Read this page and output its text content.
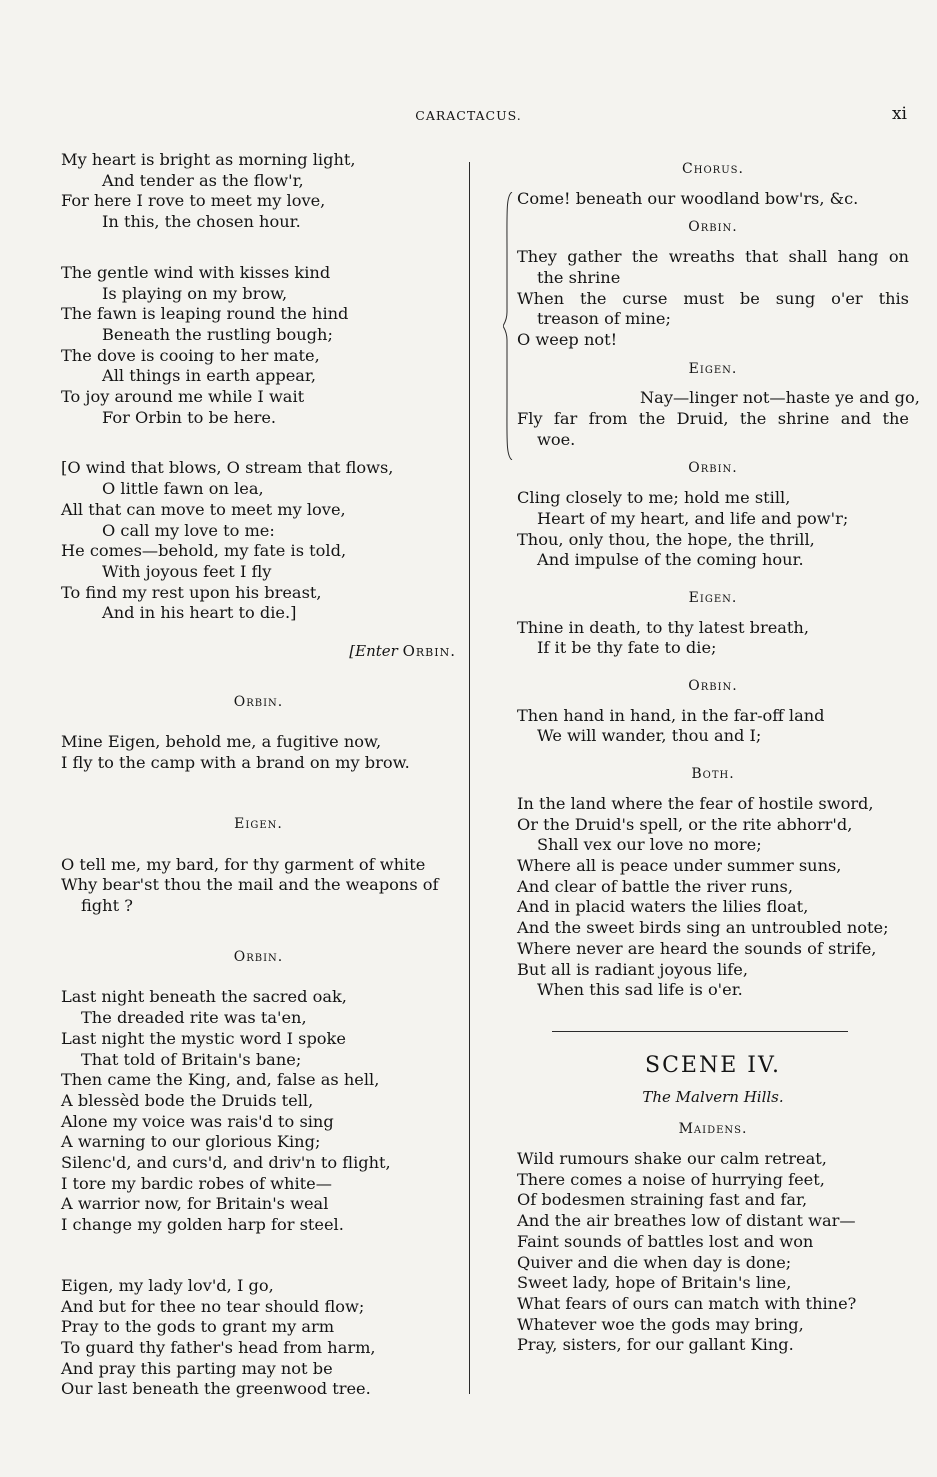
CARACTACUS.	xi
My heart is bright as morning light,
And tender as the flow'r,
For here I rove to meet my love,
In this, the chosen hour.
The gentle wind with kisses kind
Is playing on my brow,
The fawn is leaping round the hind
Beneath the rustling bough;
The dove is cooing to her mate,
All things in earth appear,
To joy around me while I wait
For Orbin to be here.
[O wind that blows, O stream that flows,
O little fawn on lea,
All that can move to meet my love,
O call my love to me:
He comes—behold, my fate is told,
With joyous feet I fly
To find my rest upon his breast,
And in his heart to die.]
[Enter Orbin.
Orbin.
Mine Eigen, behold me, a fugitive now,
I fly to the camp with a brand on my brow.
Eigen.
O tell me, my bard, for thy garment of white
Why bear'st thou the mail and the weapons of
fight ?
Orbin.
Last night beneath the sacred oak,
The dreaded rite was ta'en,
Last night the mystic word I spoke
That told of Britain's bane;
Then came the King, and, false as hell,
A blessèd bode the Druids tell,
Alone my voice was rais'd to sing
A warning to our glorious King;
Silenc'd, and curs'd, and driv'n to flight,
I tore my bardic robes of white—
A warrior now, for Britain's weal
I change my golden harp for steel.
Eigen, my lady lov'd, I go,
And but for thee no tear should flow;
Pray to the gods to grant my arm
To guard thy father's head from harm,
And pray this parting may not be
Our last beneath the greenwood tree.
Chorus.
Come! beneath our woodland bow'rs, &c.
Orbin.
They gather the wreaths that shall hang on
the shrine
When the curse must be sung o'er this
treason of mine;
O weep not!
Eigen.
Nay—linger not—haste ye and go,
Fly far from the Druid, the shrine and the
woe.
Orbin.
Cling closely to me; hold me still,
Heart of my heart, and life and pow'r;
Thou, only thou, the hope, the thrill,
And impulse of the coming hour.
Eigen.
Thine in death, to thy latest breath,
If it be thy fate to die;
Orbin.
Then hand in hand, in the far-off land
We will wander, thou and I;
Both.
In the land where the fear of hostile sword,
Or the Druid's spell, or the rite abhorr'd,
Shall vex our love no more;
Where all is peace under summer suns,
And clear of battle the river runs,
And in placid waters the lilies float,
And the sweet birds sing an untroubled note;
Where never are heard the sounds of strife,
But all is radiant joyous life,
When this sad life is o'er.
SCENE IV.
The Malvern Hills.
Maidens.
Wild rumours shake our calm retreat,
There comes a noise of hurrying feet,
Of bodesmen straining fast and far,
And the air breathes low of distant war—
Faint sounds of battles lost and won
Quiver and die when day is done;
Sweet lady, hope of Britain's line,
What fears of ours can match with thine?
Whatever woe the gods may bring,
Pray, sisters, for our gallant King.
